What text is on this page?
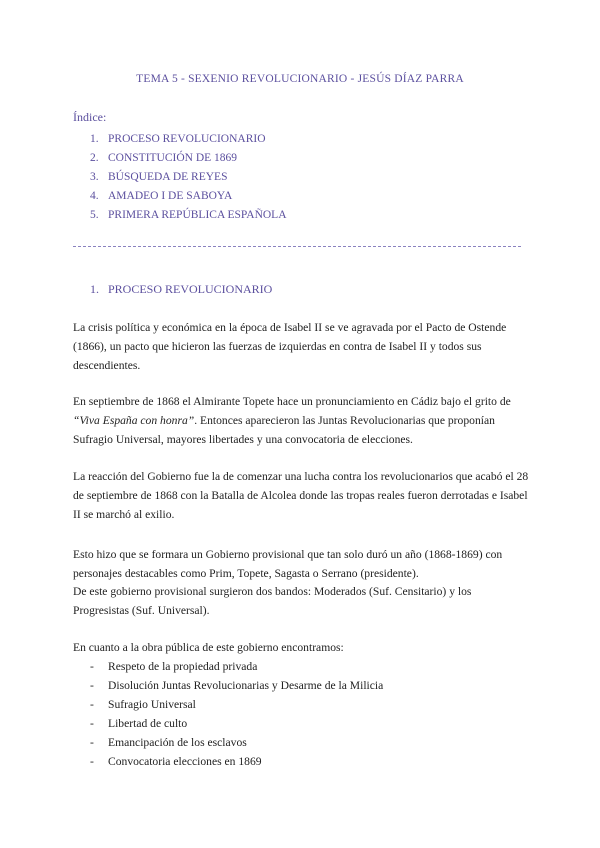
TEMA 5 - SEXENIO REVOLUCIONARIO - JESÚS DÍAZ PARRA
Índice:
1. PROCESO REVOLUCIONARIO
2. CONSTITUCIÓN DE 1869
3. BÚSQUEDA DE REYES
4. AMADEO I DE SABOYA
5. PRIMERA REPÚBLICA ESPAÑOLA
1. PROCESO REVOLUCIONARIO

La crisis política y económica en la época de Isabel II se ve agravada por el Pacto de Ostende (1866), un pacto que hicieron las fuerzas de izquierdas en contra de Isabel II y todos sus descendientes.

En septiembre de 1868 el Almirante Topete hace un pronunciamiento en Cádiz bajo el grito de “Viva España con honra”. Entonces aparecieron las Juntas Revolucionarias que proponían Sufragio Universal, mayores libertades y una convocatoria de elecciones.

La reacción del Gobierno fue la de comenzar una lucha contra los revolucionarios que acabó el 28 de septiembre de 1868 con la Batalla de Alcolea donde las tropas reales fueron derrotadas e Isabel II se marchó al exilio.

Esto hizo que se formara un Gobierno provisional que tan solo duró un año (1868-1869) con personajes destacables como Prim, Topete, Sagasta o Serrano (presidente).

De este gobierno provisional surgieron dos bandos: Moderados (Suf. Censitario) y los Progresistas (Suf. Universal).

En cuanto a la obra pública de este gobierno encontramos:

- Respeto de la propiedad privada
- Disolución Juntas Revolucionarias y Desarme de la Milicia
- Sufragio Universal
- Libertad de culto
- Emancipación de los esclavos
- Convocatoria elecciones en 1869
